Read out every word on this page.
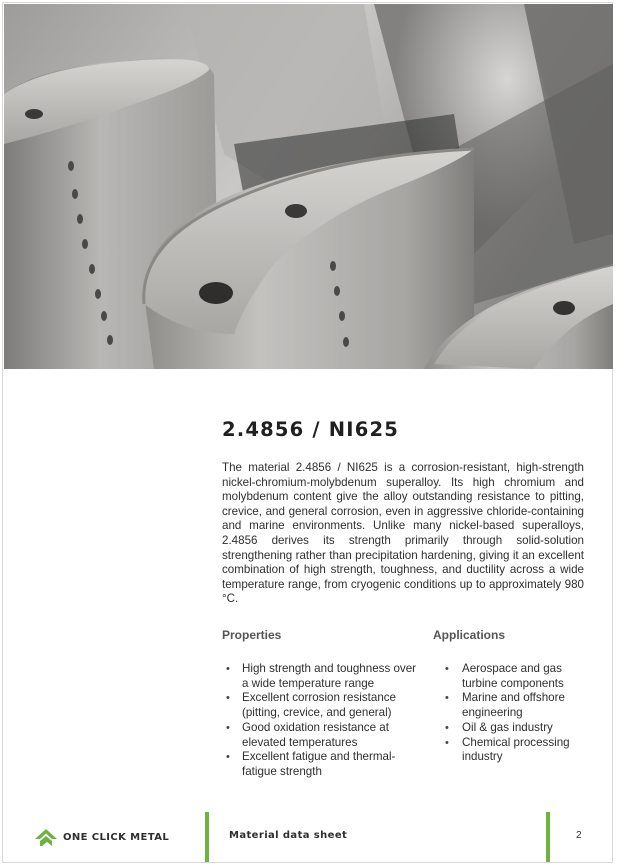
2.4856 / NI625

The material 2.4856 / NI625 is a corrosion-resistant, high-strength nickel-chromium-molybdenum superalloy. Its high chromium and molybdenum content give the alloy outstanding resistance to pitting, crevice, and general corrosion, even in aggressive chloride-containing and marine environments. Unlike many nickel-based superalloys, 2.4856 derives its strength primarily through solid-solution strengthening rather than precipitation hardening, giving it an excellent combination of high strength, toughness, and ductility across a wide temperature range, from cryogenic conditions up to approximately 980 °C.

Properties
• High strength and toughness over a wide temperature range
• Excellent corrosion resistance (pitting, crevice, and general)
• Good oxidation resistance at elevated temperatures
• Excellent fatigue and thermal-fatigue strength
Applications
• Aerospace and gas turbine components
• Marine and offshore engineering
• Oil & gas industry
• Chemical processing industry
ONE CLICK METAL	Material data sheet	2
